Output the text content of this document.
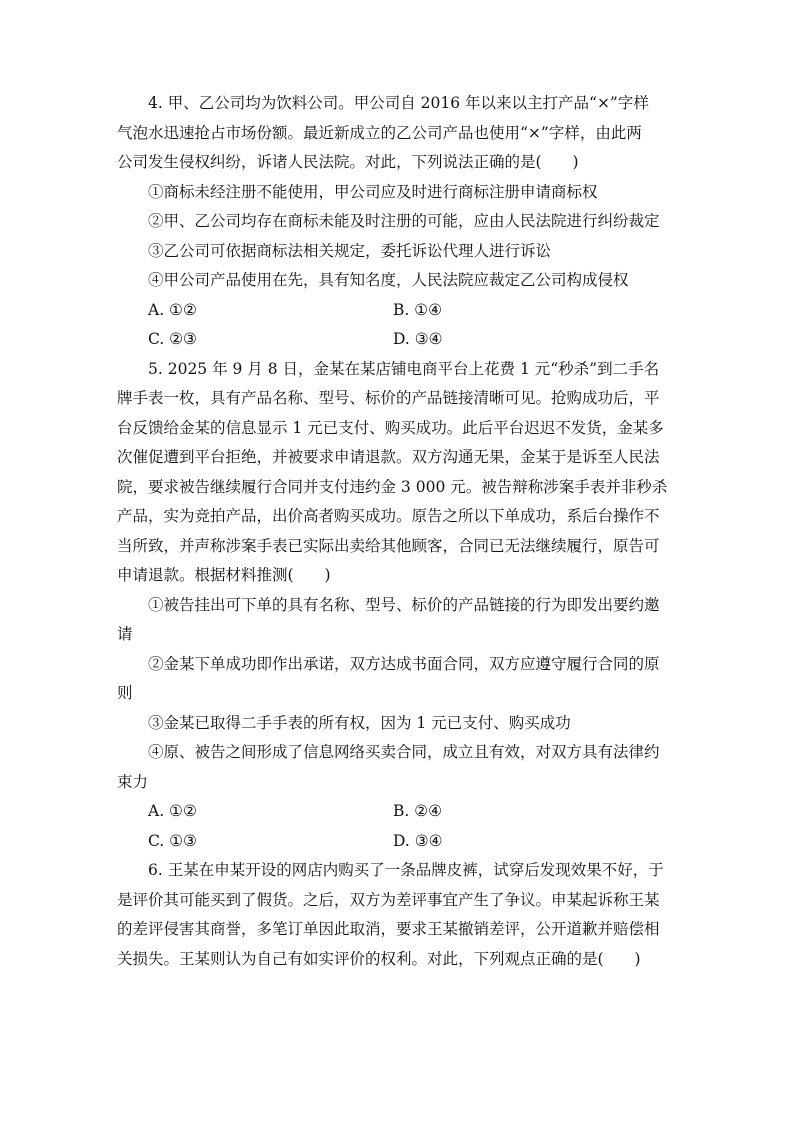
4. 甲、乙公司均为饮料公司。甲公司自 2016 年以来以主打产品“×”字样
气泡水迅速抢占市场份额。最近新成立的乙公司产品也使用“×”字样，由此两
公司发生侵权纠纷，诉诸人民法院。对此，下列说法正确的是(　　)
①商标未经注册不能使用，甲公司应及时进行商标注册申请商标权
②甲、乙公司均存在商标未能及时注册的可能，应由人民法院进行纠纷裁定
③乙公司可依据商标法相关规定，委托诉讼代理人进行诉讼
④甲公司产品使用在先，具有知名度，人民法院应裁定乙公司构成侵权
A. ①②	B. ①④
C. ②③	D. ③④
5. 2025 年 9 月 8 日，金某在某店铺电商平台上花费 1 元“秒杀”到二手名
牌手表一枚，具有产品名称、型号、标价的产品链接清晰可见。抢购成功后，平
台反馈给金某的信息显示 1 元已支付、购买成功。此后平台迟迟不发货，金某多
次催促遭到平台拒绝，并被要求申请退款。双方沟通无果，金某于是诉至人民法
院，要求被告继续履行合同并支付违约金 3 000 元。被告辩称涉案手表并非秒杀
产品，实为竞拍产品，出价高者购买成功。原告之所以下单成功，系后台操作不
当所致，并声称涉案手表已实际出卖给其他顾客，合同已无法继续履行，原告可
申请退款。根据材料推测(　　)
①被告挂出可下单的具有名称、型号、标价的产品链接的行为即发出要约邀
请
②金某下单成功即作出承诺，双方达成书面合同，双方应遵守履行合同的原
则
③金某已取得二手手表的所有权，因为 1 元已支付、购买成功
④原、被告之间形成了信息网络买卖合同，成立且有效，对双方具有法律约
束力
A. ①②	B. ②④
C. ①③	D. ③④
6. 王某在申某开设的网店内购买了一条品牌皮裤，试穿后发现效果不好，于
是评价其可能买到了假货。之后，双方为差评事宜产生了争议。申某起诉称王某
的差评侵害其商誉，多笔订单因此取消，要求王某撤销差评，公开道歉并赔偿相
关损失。王某则认为自己有如实评价的权利。对此，下列观点正确的是(　　)
